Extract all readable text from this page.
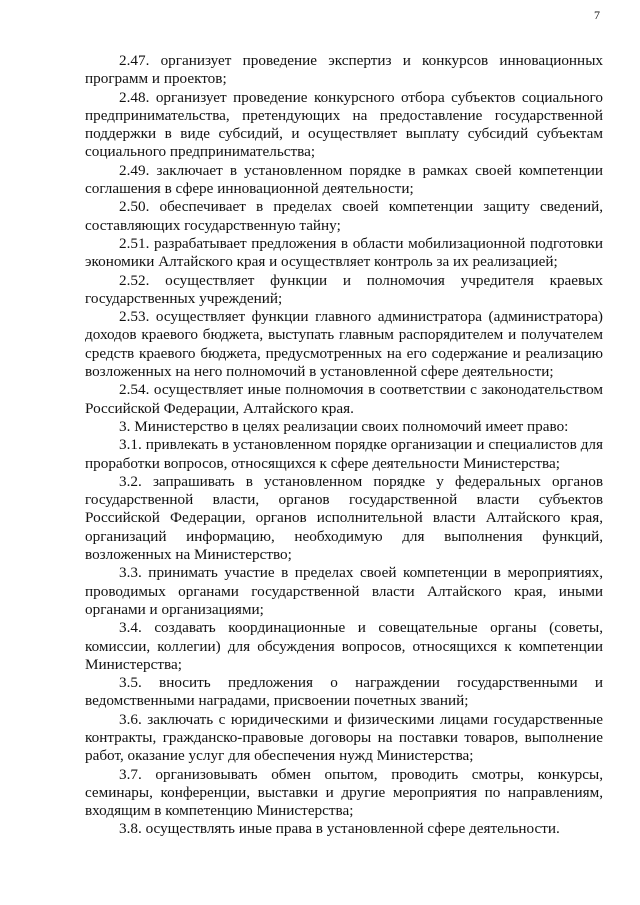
7

2.47. организует проведение экспертиз и конкурсов инновационных программ и проектов;

2.48. организует проведение конкурсного отбора субъектов социального предпринимательства, претендующих на предоставление государственной поддержки в виде субсидий, и осуществляет выплату субсидий субъектам социального предпринимательства;

2.49. заключает в установленном порядке в рамках своей компетенции соглашения в сфере инновационной деятельности;

2.50. обеспечивает в пределах своей компетенции защиту сведений, составляющих государственную тайну;

2.51. разрабатывает предложения в области мобилизационной подготовки экономики Алтайского края и осуществляет контроль за их реализацией;

2.52. осуществляет функции и полномочия учредителя краевых государственных учреждений;

2.53. осуществляет функции главного администратора (администратора) доходов краевого бюджета, выступать главным распорядителем и получателем средств краевого бюджета, предусмотренных на его содержание и реализацию возложенных на него полномочий в установленной сфере деятельности;

2.54. осуществляет иные полномочия в соответствии с законодательством Российской Федерации, Алтайского края.

3. Министерство в целях реализации своих полномочий имеет право:

3.1. привлекать в установленном порядке организации и специалистов для проработки вопросов, относящихся к сфере деятельности Министерства;

3.2. запрашивать в установленном порядке у федеральных органов государственной власти, органов государственной власти субъектов Российской Федерации, органов исполнительной власти Алтайского края, организаций информацию, необходимую для выполнения функций, возложенных на Министерство;

3.3. принимать участие в пределах своей компетенции в мероприятиях, проводимых органами государственной власти Алтайского края, иными органами и организациями;

3.4. создавать координационные и совещательные органы (советы, комиссии, коллегии) для обсуждения вопросов, относящихся к компетенции Министерства;

3.5. вносить предложения о награждении государственными и ведомственными наградами, присвоении почетных званий;

3.6. заключать с юридическими и физическими лицами государственные контракты, гражданско-правовые договоры на поставки товаров, выполнение работ, оказание услуг для обеспечения нужд Министерства;

3.7. организовывать обмен опытом, проводить смотры, конкурсы, семинары, конференции, выставки и другие мероприятия по направлениям, входящим в компетенцию Министерства;

3.8. осуществлять иные права в установленной сфере деятельности.
